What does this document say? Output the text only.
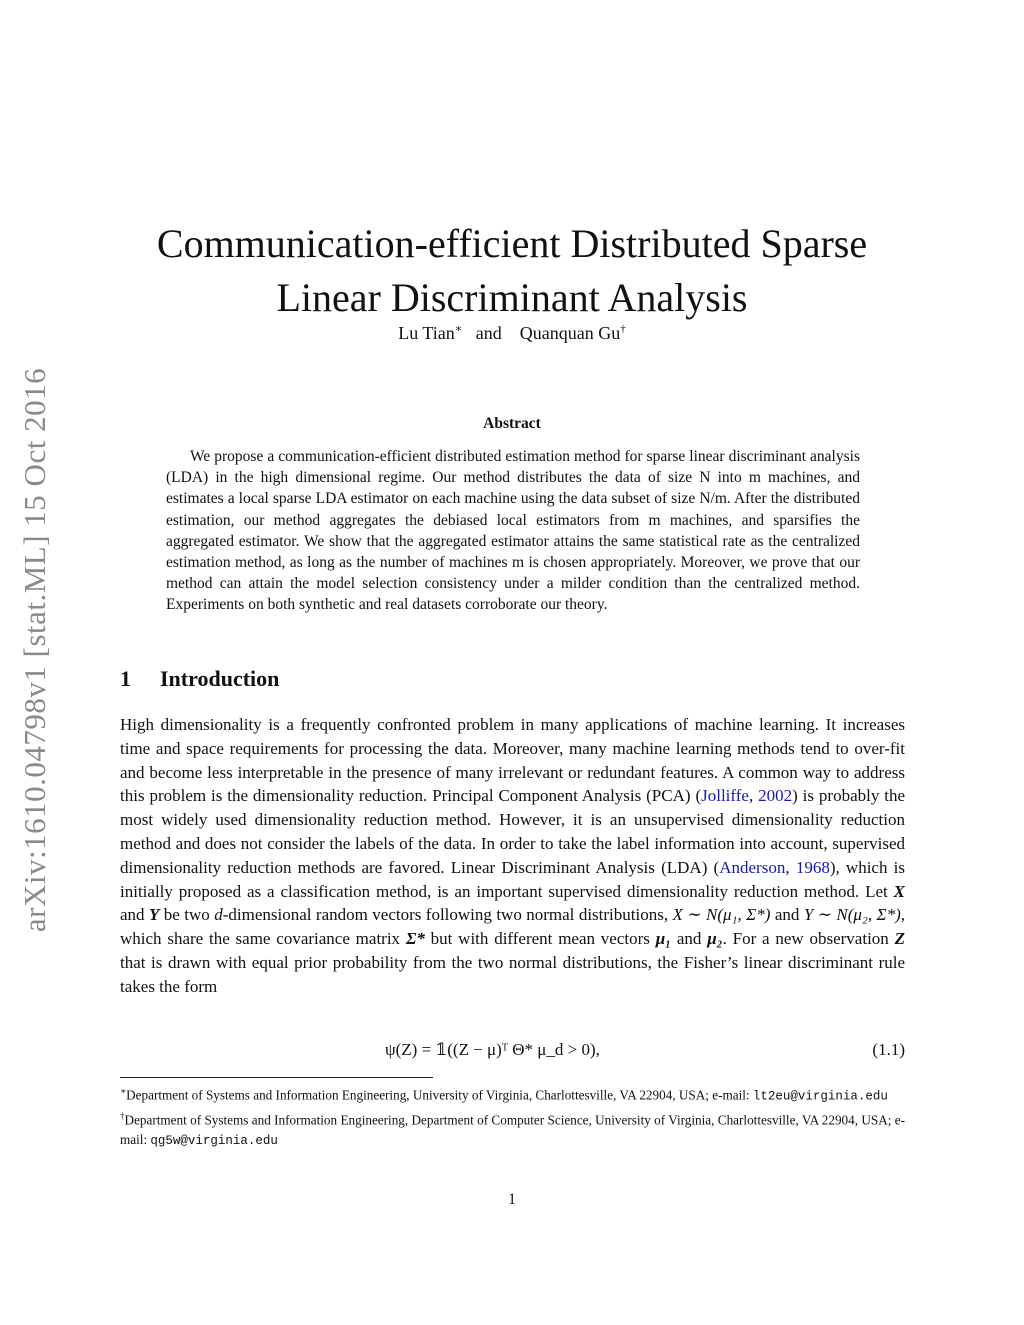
arXiv:1610.04798v1 [stat.ML] 15 Oct 2016
Communication-efficient Distributed Sparse
Linear Discriminant Analysis
Lu Tian∗ and Quanquan Gu†
Abstract

We propose a communication-efficient distributed estimation method for sparse linear discriminant analysis (LDA) in the high dimensional regime. Our method distributes the data of size N into m machines, and estimates a local sparse LDA estimator on each machine using the data subset of size N/m. After the distributed estimation, our method aggregates the debiased local estimators from m machines, and sparsifies the aggregated estimator. We show that the aggregated estimator attains the same statistical rate as the centralized estimation method, as long as the number of machines m is chosen appropriately. Moreover, we prove that our method can attain the model selection consistency under a milder condition than the centralized method. Experiments on both synthetic and real datasets corroborate our theory.

1 Introduction

High dimensionality is a frequently confronted problem in many applications of machine learning. It increases time and space requirements for processing the data. Moreover, many machine learning methods tend to over-fit and become less interpretable in the presence of many irrelevant or redundant features. A common way to address this problem is the dimensionality reduction. Principal Component Analysis (PCA) (Jolliffe, 2002) is probably the most widely used dimensionality reduction method. However, it is an unsupervised dimensionality reduction method and does not consider the labels of the data. In order to take the label information into account, supervised dimensionality reduction methods are favored. Linear Discriminant Analysis (LDA) (Anderson, 1968), which is initially proposed as a classification method, is an important supervised dimensionality reduction method. Let X and Y be two d-dimensional random vectors following two normal distributions, X ∼ N(μ₁, Σ*) and Y ∼ N(μ₂, Σ*), which share the same covariance matrix Σ* but with different mean vectors μ₁ and μ₂. For a new observation Z that is drawn with equal prior probability from the two normal distributions, the Fisher’s linear discriminant rule takes the form

ψ(Z) = 𝟙((Z − μ)ᵀ Θ* μ_d > 0),	(1.1)

∗Department of Systems and Information Engineering, University of Virginia, Charlottesville, VA 22904, USA; e-mail: lt2eu@virginia.edu

†Department of Systems and Information Engineering, Department of Computer Science, University of Virginia, Charlottesville, VA 22904, USA; e-mail: qg5w@virginia.edu

1
